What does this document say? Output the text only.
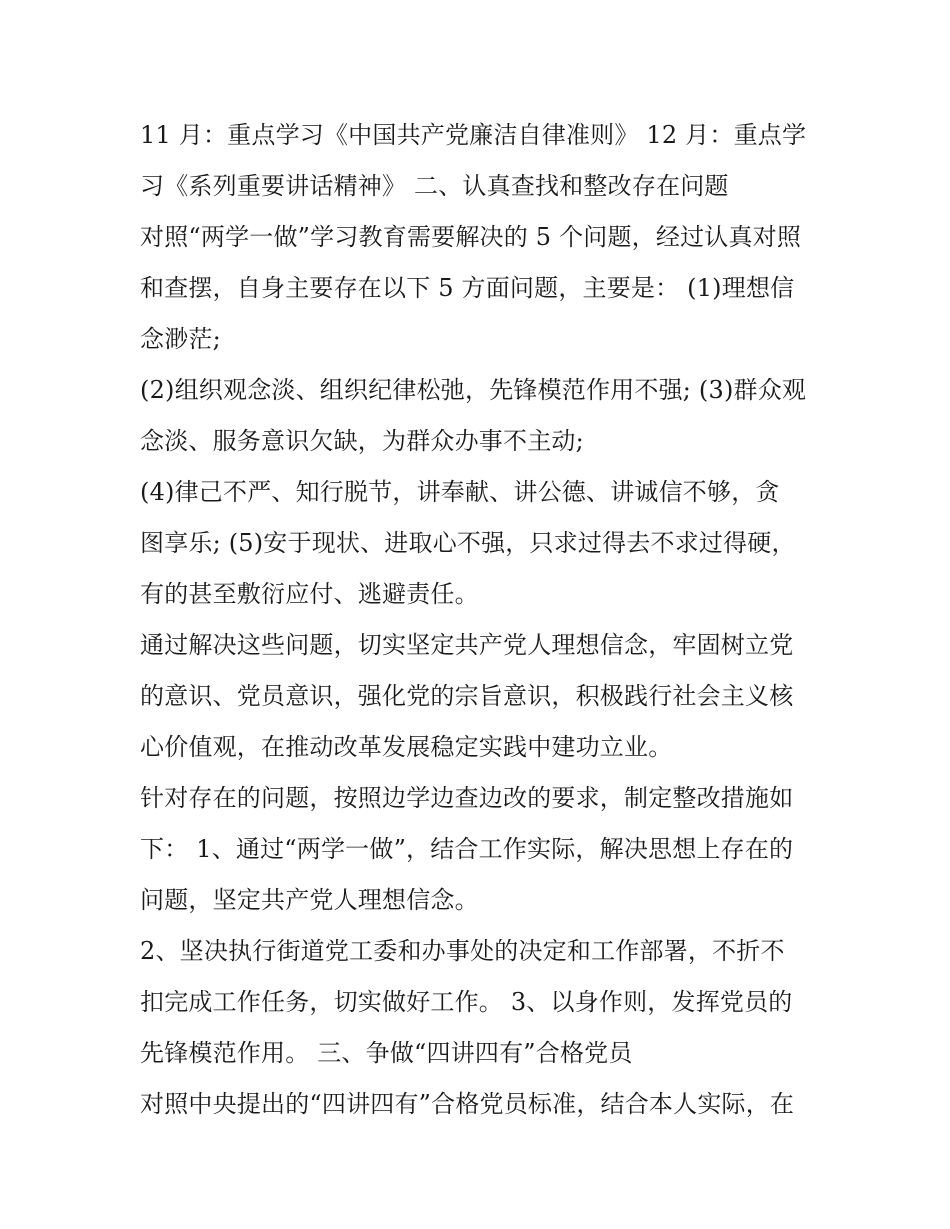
11 月：重点学习《中国共产党廉洁自律准则》 12 月：重点学
习《系列重要讲话精神》 二、认真查找和整改存在问题
对照“两学一做”学习教育需要解决的 5 个问题，经过认真对照
和查摆，自身主要存在以下 5 方面问题，主要是： (1)理想信
念渺茫;
(2)组织观念淡、组织纪律松弛，先锋模范作用不强; (3)群众观
念淡、服务意识欠缺，为群众办事不主动;
(4)律己不严、知行脱节，讲奉献、讲公德、讲诚信不够，贪
图享乐; (5)安于现状、进取心不强，只求过得去不求过得硬，
有的甚至敷衍应付、逃避责任。
通过解决这些问题，切实坚定共产党人理想信念，牢固树立党
的意识、党员意识，强化党的宗旨意识，积极践行社会主义核
心价值观，在推动改革发展稳定实践中建功立业。
针对存在的问题，按照边学边查边改的要求，制定整改措施如
下： 1、通过“两学一做”，结合工作实际，解决思想上存在的
问题，坚定共产党人理想信念。
2、坚决执行街道党工委和办事处的决定和工作部署，不折不
扣完成工作任务，切实做好工作。 3、以身作则，发挥党员的
先锋模范作用。 三、争做“四讲四有”合格党员
对照中央提出的“四讲四有”合格党员标准，结合本人实际，在
